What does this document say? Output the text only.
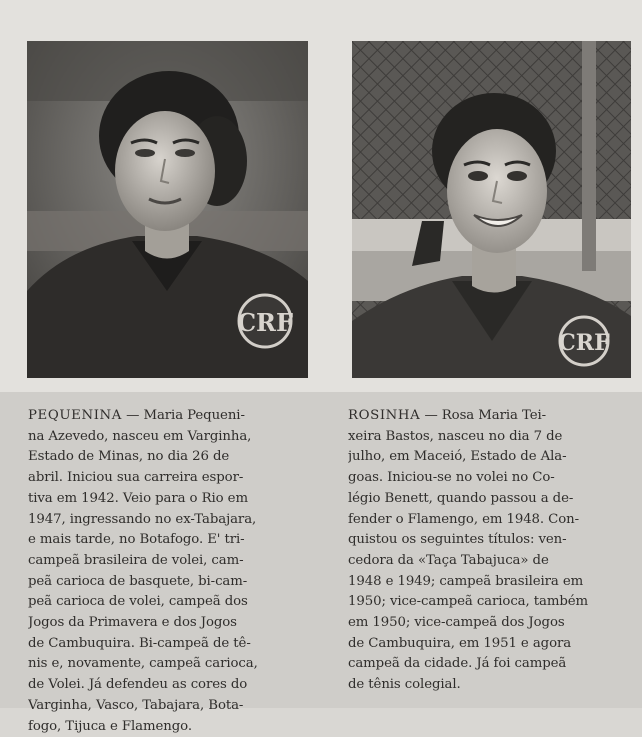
CRF
CRF
PEQUENINA — Maria Pequeni-
na Azevedo, nasceu em Varginha,
Estado de Minas, no dia 26 de
abril. Iniciou sua carreira espor-
tiva em 1942. Veio para o Rio em
1947, ingressando no ex-Tabajara,
e mais tarde, no Botafogo. E' tri-
campeã brasileira de volei, cam-
peã carioca de basquete, bi-cam-
peã carioca de volei, campeã dos
Jogos da Primavera e dos Jogos
de Cambuquira. Bi-campeã de tê-
nis e, novamente, campeã carioca,
de Volei. Já defendeu as cores do
Varginha, Vasco, Tabajara, Bota-
fogo, Tijuca e Flamengo.
ROSINHA — Rosa Maria Tei-
xeira Bastos, nasceu no dia 7 de
julho, em Maceió, Estado de Ala-
goas. Iniciou-se no volei no Co-
légio Benett, quando passou a de-
fender o Flamengo, em 1948. Con-
quistou os seguintes títulos: ven-
cedora da «Taça Tabajuca» de
1948 e 1949; campeã brasileira em
1950; vice-campeã carioca, também
em 1950; vice-campeã dos Jogos
de Cambuquira, em 1951 e agora
campeã da cidade. Já foi campeã
de tênis colegial.
